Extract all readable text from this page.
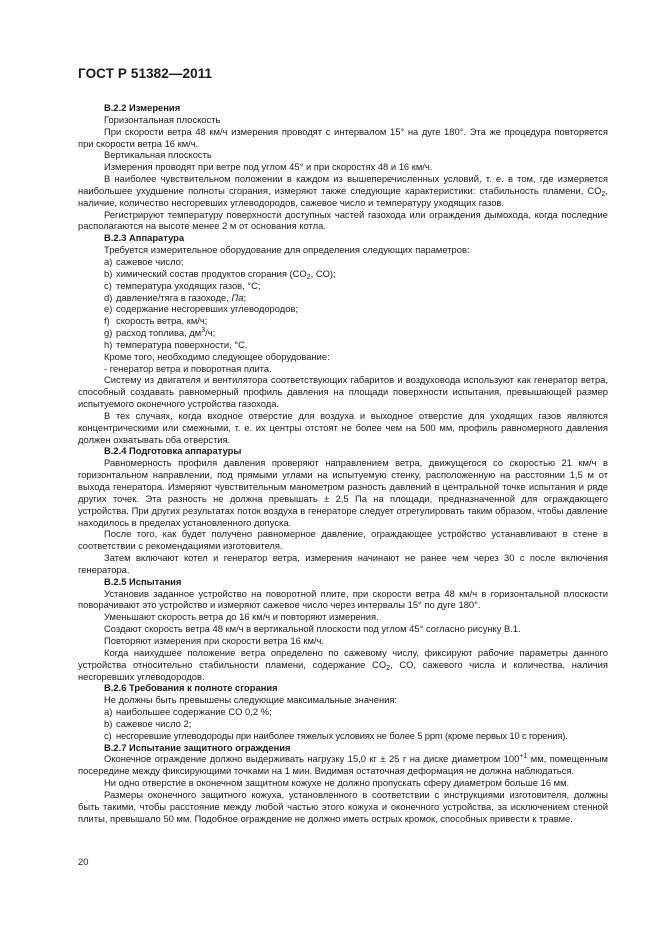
ГОСТ Р 51382—2011

В.2.2 Измерения

Горизонтальная плоскость

При скорости ветра 48 км/ч измерения проводят с интервалом 15° на дуге 180°. Эта же процедура повторяется при скорости ветра 16 км/ч.

Вертикальная плоскость

Измерения проводят при ветре под углом 45° и при скоростях 48 и 16 км/ч.

В наиболее чувствительном положении в каждом из вышеперечисленных условий, т. е. в том, где измеряется наибольшее ухудшение полноты сгорания, измеряют также следующие характеристики: стабильность пламени, $CO_2$, наличие, количество несгоревших углеводородов, сажевое число и температуру уходящих газов.

Регистрируют температуру поверхности доступных частей газохода или ограждения дымохода, когда последние располагаются на высоте менее 2 м от основания котла.

В.2.3 Аппаратура

Требуется измерительное оборудование для определения следующих параметров:

a) сажевое число;

b) химический состав продуктов сгорания ($CO_2$, CO);

c) температура уходящих газов, °С;

d) давление/тяга в газоходе, Па;

e) содержание несгоревших углеводородов;

f) скорость ветра, км/ч;

g) расход топлива, $дм^3/ч$;

h) температура поверхности, °С.

Кроме того, необходимо следующее оборудование:

- генератор ветра и поворотная плита.

Систему из двигателя и вентилятора соответствующих габаритов и воздуховода используют как генератор ветра, способный создавать равномерный профиль давления на площади поверхности испытания, превышающей размер испытуемого оконечного устройства газохода.

В тех случаях, когда входное отверстие для воздуха и выходное отверстие для уходящих газов являются концентрическими или смежными, т. е. их центры отстоят не более чем на 500 мм, профиль равномерного давления должен охватывать оба отверстия.

В.2.4 Подготовка аппаратуры

Равномерность профиля давления проверяют направлением ветра, движущегося со скоростью 21 км/ч в горизонтальном направлении, под прямыми углами на испытуемую стенку, расположенную на расстоянии 1,5 м от выхода генератора. Измеряют чувствительным манометром разность давлений в центральной точке испытания и ряде других точек. Эта разность не должна превышать ± 2,5 Па на площади, предназначенной для ограждающего устройства. При других результатах поток воздуха в генераторе следует отрегулировать таким образом, чтобы давление находилось в пределах установленного допуска.

После того, как будет получено равномерное давление, ограждающее устройство устанавливают в стене в соответствии с рекомендациями изготовителя.

Затем включают котел и генератор ветра, измерения начинают не ранее чем через 30 с после включения генератора.

В.2.5 Испытания

Установив заданное устройство на поворотной плите, при скорости ветра 48 км/ч в горизонтальной плоскости поворачивают это устройство и измеряют сажевое число через интервалы 15° по дуге 180°.

Уменьшают скорость ветра до 16 км/ч и повторяют измерения.

Создают скорость ветра 48 км/ч в вертикальной плоскости под углом 45° согласно рисунку В.1.

Повторяют измерения при скорости ветра 16 км/ч.

Когда наихудшее положение ветра определено по сажевому числу, фиксируют рабочие параметры данного устройства относительно стабильности пламени, содержание $CO_2$, CO, сажевого числа и количества, наличия несгоревших углеводородов.

В.2.6 Требования к полноте сгорания

Не должны быть превышены следующие максимальные значения:

a) наибольшее содержание CO 0,2 %;

b) сажевое число 2;

c) несгоревшие углеводороды при наиболее тяжелых условиях не более 5 ppm (кроме первых 10 с горения).

В.2.7 Испытание защитного ограждения

Оконечное ограждение должно выдерживать нагрузку 15,0 кг ± 25 г на диске диаметром $100^{+1}$ мм, помещенным посередине между фиксирующими точками на 1 мин. Видимая остаточная деформация не должна наблюдаться.

Ни одно отверстие в оконечном защитном кожухе не должно пропускать сферу диаметром больше 16 мм.

Размеры оконечного защитного кожуха, установленного в соответствии с инструкциями изготовителя, должны быть такими, чтобы расстояние между любой частью этого кожуха и оконечного устройства, за исключением стенной плиты, превышало 50 мм. Подобное ограждение не должно иметь острых кромок, способных привести к травме.

20
